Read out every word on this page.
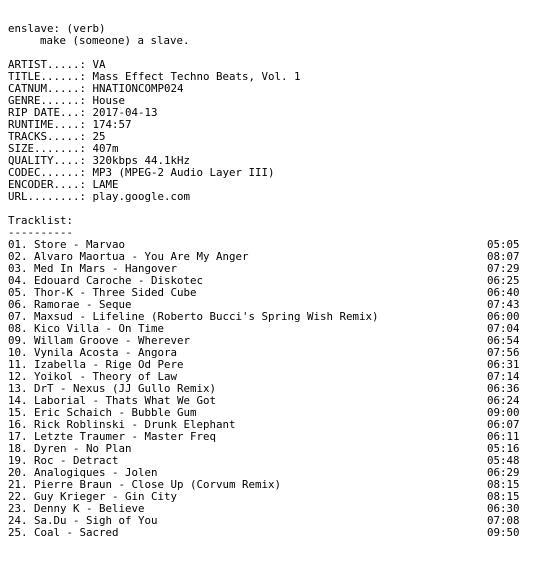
enslave: (verb)
make (someone) a slave.
ARTIST.....: VA
TITLE......: Mass Effect Techno Beats, Vol. 1
CATNUM.....: HNATIONCOMP024
GENRE......: House
RIP DATE...: 2017-04-13
RUNTIME....: 174:57
TRACKS.....: 25
SIZE.......: 407m
QUALITY....: 320kbps 44.1kHz
CODEC......: MP3 (MPEG-2 Audio Layer III)
ENCODER....: LAME
URL........: play.google.com
Tracklist:
----------
01. Store - Marvao	05:05
02. Alvaro Maortua - You Are My Anger	08:07
03. Med In Mars - Hangover	07:29
04. Edouard Caroche - Diskotec	06:25
05. Thor-K - Three Sided Cube	06:40
06. Ramorae - Seque	07:43
07. Maxsud - Lifeline (Roberto Bucci's Spring Wish Remix)	06:00
08. Kico Villa - On Time	07:04
09. Willam Groove - Wherever	06:54
10. Vynila Acosta - Angora	07:56
11. Izabella - Rige Od Pere	06:31
12. Yoikol - Theory of Law	07:14
13. DrT - Nexus (JJ Gullo Remix)	06:36
14. Laborial - Thats What We Got	06:24
15. Eric Schaich - Bubble Gum	09:00
16. Rick Roblinski - Drunk Elephant	06:07
17. Letzte Traumer - Master Freq	06:11
18. Dyren - No Plan	05:16
19. Roc - Detract	05:48
20. Analogiques - Jolen	06:29
21. Pierre Braun - Close Up (Corvum Remix)	08:15
22. Guy Krieger - Gin City	08:15
23. Denny K - Believe	06:30
24. Sa.Du - Sigh of You	07:08
25. Coal - Sacred	09:50
